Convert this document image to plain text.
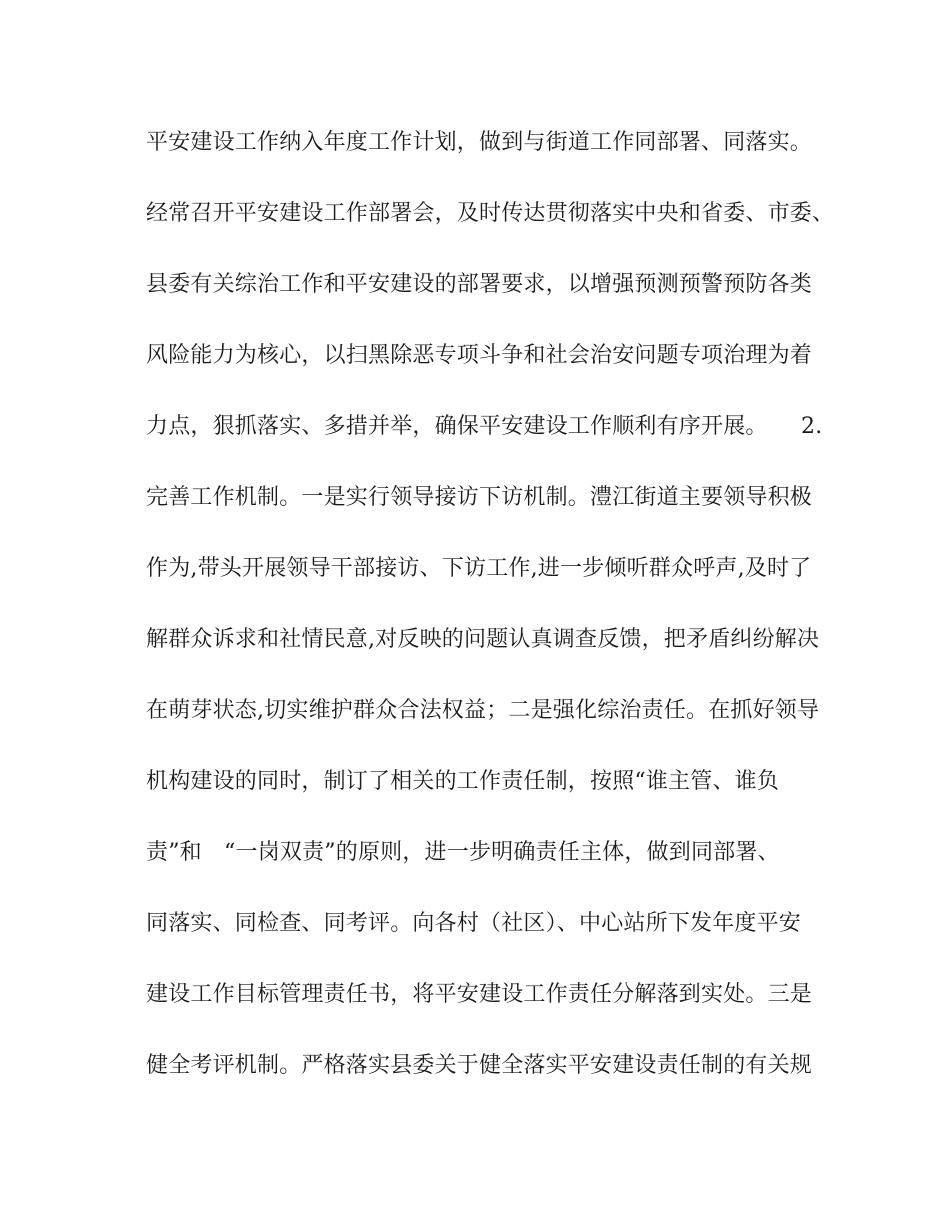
平安建设工作纳入年度工作计划，做到与街道工作同部署、同落实。
经常召开平安建设工作部署会，及时传达贯彻落实中央和省委、市委、
县委有关综治工作和平安建设的部署要求，以增强预测预警预防各类
风险能力为核心，以扫黑除恶专项斗争和社会治安问题专项治理为着
力点，狠抓落实、多措并举，确保平安建设工作顺利有序开展。　　2.
完善工作机制。一是实行领导接访下访机制。澧江街道主要领导积极
作为,带头开展领导干部接访、下访工作,进一步倾听群众呼声,及时了
解群众诉求和社情民意,对反映的问题认真调查反馈，把矛盾纠纷解决
在萌芽状态,切实维护群众合法权益；二是强化综治责任。在抓好领导
机构建设的同时，制订了相关的工作责任制，按照“谁主管、谁负
责”和　“一岗双责”的原则，进一步明确责任主体，做到同部署、
同落实、同检查、同考评。向各村（社区）、中心站所下发年度平安
建设工作目标管理责任书，将平安建设工作责任分解落到实处。三是
健全考评机制。严格落实县委关于健全落实平安建设责任制的有关规
